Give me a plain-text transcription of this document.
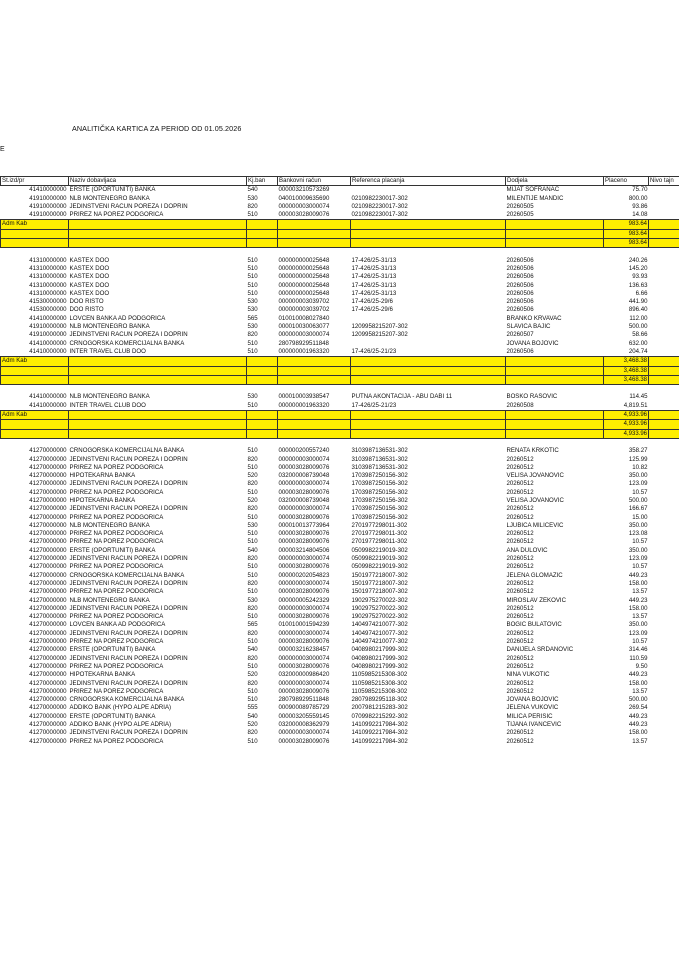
ANALITIČKA KARTICA ZA PERIOD OD 01.05.2026
E
St.izd/pr	Naziv dobavljaca	Kj.ban	Bankovni račun	Referenca placanja	Dodjela	Placeno	Nivo tajn
41410000000	ERSTE (OPORTUNITI) BANKA	540	000003210573269		MIJAT ŠOFRANAC	75.70	
41910000000	NLB MONTENEGRO BANKA	530	040010009635690	0210982230017-302	MILENTIJE MANDIĆ	800.00	
41910000000	JEDINSTVENI RACUN POREZA I DOPRIN	820	000000003000074	0210982230017-302	20260505	93.86	
41910000000	PRIREZ NA POREZ PODGORICA	510	000003028009076	0210982230017-302	20260505	14.08	
Adm Kab						983.64	
						983.64	
						983.64	

41310000000	KASTEX DOO	510	000000000025648	17-426/25-31/13	20260506	240.26	
41310000000	KASTEX DOO	510	000000000025648	17-426/25-31/13	20260506	145.20	
41310000000	KASTEX DOO	510	000000000025648	17-426/25-31/13	20260506	93.93	
41310000000	KASTEX DOO	510	000000000025648	17-426/25-31/13	20260506	136.63	
41310000000	KASTEX DOO	510	000000000025648	17-426/25-31/13	20260506	6.66	
41530000000	DOO RISTO	530	000000003039702	17-426/25-29/6	20260506	441.90	
41530000000	DOO RISTO	530	000000003039702	17-426/25-29/6	20260506	896.40	
41410000000	LOVCEN BANKA AD PODGORICA	565	010010008027840		BRANKO KRVAVAC	112.00	
41910000000	NLB MONTENEGRO BANKA	530	000010030063077	1209958215207-302	SLAVICA BAJIĆ	500.00	
41910000000	JEDINSTVENI RACUN POREZA I DOPRIN	820	000000003000074	1209958215207-302	20260507	58.66	
41410000000	CRNOGORSKA KOMERCIJALNA BANKA	510	280798929511848		JOVANA BOJOVIĆ	632.00	
41410000000	INTER TRAVEL CLUB DOO	510	000000001963320	17-426/25-21/23	20260506	204.74	
Adm Kab						3,468.38	
						3,468.38	
						3,468.38	

41410000000	NLB MONTENEGRO BANKA	530	000010003938547	PUTNA AKONTACIJA - ABU DABI 11	BOŠKO RAŠOVIĆ	114.45	
41410000000	INTER TRAVEL CLUB DOO	510	000000001963320	17-426/25-21/23	20260508	4,819.51	
Adm Kab						4,933.96	
						4,933.96	
						4,933.96	

41270000000	CRNOGORSKA KOMERCIJALNA BANKA	510	000000200557240	3103987136531-302	RENATA KRKOTIĆ	358.27	
41270000000	JEDINSTVENI RACUN POREZA I DOPRIN	820	000000003000074	3103987136531-302	20260512	125.99	
41270000000	PRIREZ NA POREZ PODGORICA	510	000003028009076	3103987136531-302	20260512	10.82	
41270000000	HIPOTEKARNA BANKA	520	032000008739048	1703987250156-302	VELIŠA JOVANOVIĆ	350.00	
41270000000	JEDINSTVENI RACUN POREZA I DOPRIN	820	000000003000074	1703987250156-302	20260512	123.09	
41270000000	PRIREZ NA POREZ PODGORICA	510	000003028009076	1703987250156-302	20260512	10.57	
41270000000	HIPOTEKARNA BANKA	520	032000008739048	1703987250156-302	VELIŠA JOVANOVIĆ	500.00	
41270000000	JEDINSTVENI RACUN POREZA I DOPRIN	820	000000003000074	1703987250156-302	20260512	166.67	
41270000000	PRIREZ NA POREZ PODGORICA	510	000003028009076	1703987250156-302	20260512	15.00	
41270000000	NLB MONTENEGRO BANKA	530	000010013773964	2701977298011-302	LJUBICA MILIĆEVIĆ	350.00	
41270000000	PRIREZ NA POREZ PODGORICA	510	000003028009076	2701977298011-302	20260512	123.08	
41270000000	PRIREZ NA POREZ PODGORICA	510	000003028009076	2701977298011-302	20260512	10.57	
41270000000	ERSTE (OPORTUNITI) BANKA	540	000003214804506	0509982219019-302	ANA DULOVIĆ	350.00	
41270000000	JEDINSTVENI RACUN POREZA I DOPRIN	820	000000003000074	0509982219019-302	20260512	123.09	
41270000000	PRIREZ NA POREZ PODGORICA	510	000003028009076	0509982219019-302	20260512	10.57	
41270000000	CRNOGORSKA KOMERCIJALNA BANKA	510	000000202054823	1501977218007-302	JELENA GLOMAZIĆ	449.23	
41270000000	JEDINSTVENI RACUN POREZA I DOPRIN	820	000000003000074	1501977218007-302	20260512	158.00	
41270000000	PRIREZ NA POREZ PODGORICA	510	000003028009076	1501977218007-302	20260512	13.57	
41270000000	NLB MONTENEGRO BANKA	530	000000005242329	1902975270022-302	MIROSLAV ZEKOVIĆ	449.23	
41270000000	JEDINSTVENI RACUN POREZA I DOPRIN	820	000000003000074	1902975270022-302	20260512	158.00	
41270000000	PRIREZ NA POREZ PODGORICA	510	000003028009076	1902975270022-302	20260512	13.57	
41270000000	LOVCEN BANKA AD PODGORICA	565	010010001594239	1404974210077-302	BOGIĆ BULATOVIĆ	350.00	
41270000000	JEDINSTVENI RACUN POREZA I DOPRIN	820	000000003000074	1404974210077-302	20260512	123.09	
41270000000	PRIREZ NA POREZ PODGORICA	510	000003028009076	1404974210077-302	20260512	10.57	
41270000000	ERSTE (OPORTUNITI) BANKA	540	000003216238457	0408980217999-302	DANIJELA SRDANOVIĆ	314.46	
41270000000	JEDINSTVENI RACUN POREZA I DOPRIN	820	000000003000074	0408980217999-302	20260512	110.59	
41270000000	PRIREZ NA POREZ PODGORICA	510	000003028009076	0408980217999-302	20260512	9.50	
41270000000	HIPOTEKARNA BANKA	520	032000000986420	1105985215308-302	NINA VUKOTIĆ	449.23	
41270000000	JEDINSTVENI RACUN POREZA I DOPRIN	820	000000003000074	1105985215308-302	20260512	158.00	
41270000000	PRIREZ NA POREZ PODGORICA	510	000003028009076	1105985215308-302	20260512	13.57	
41270000000	CRNOGORSKA KOMERCIJALNA BANKA	510	280798929511848	2807989295118-302	JOVANA BOJOVIĆ	500.00	
41270000000	ADDIKO BANK (HYPO ALPE ADRIA)	555	000900089785729	2007981215283-302	JELENA VUKOVIĆ	269.54	
41270000000	ERSTE (OPORTUNITI) BANKA	540	000003205559145	0709982215292-302	MILICA PERIŠIĆ	449.23	
41270000000	ADDIKO BANK (HYPO ALPE ADRIA)	520	032000008362979	1410992217984-302	TIJANA IVANČEVIĆ	449.23	
41270000000	JEDINSTVENI RACUN POREZA I DOPRIN	820	000000003000074	1410992217984-302	20260512	158.00	
41270000000	PRIREZ NA POREZ PODGORICA	510	000003028009076	1410992217984-302	20260512	13.57	
